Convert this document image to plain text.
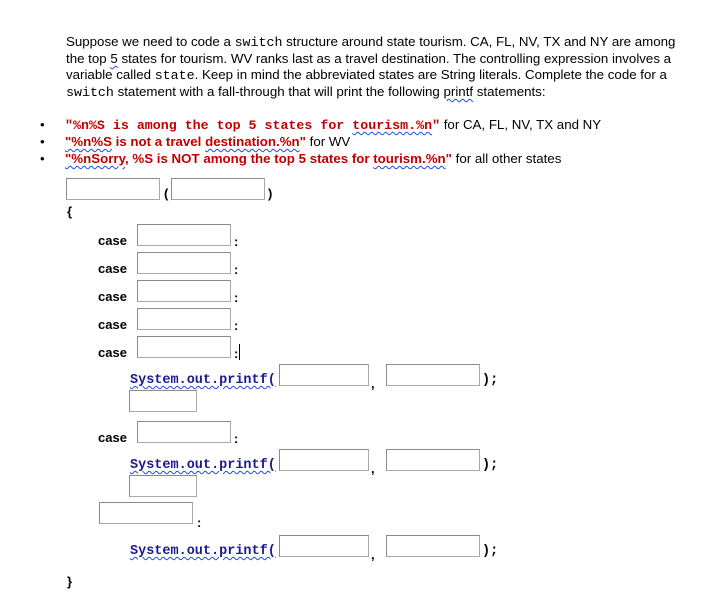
Suppose we need to code a switch structure around state tourism. CA, FL, NV, TX and NY are among the top 5 states for tourism. WV ranks last as a travel destination. The controlling expression involves a variable called state. Keep in mind the abbreviated states are String literals. Complete the code for a switch statement with a fall-through that will print the following printf statements:

•	"%n%S is among the top 5 states for tourism.%n" for CA, FL, NV, TX and NY
•	"%n%S is not a travel destination.%n" for WV
•	"%nSorry, %S is NOT among the top 5 states for tourism.%n" for all other states
(	)
{
case	:
case	:
case	:
case	:
case	:
System.out.printf(	,	);
case	:
System.out.printf(	,	);
:
System.out.printf(	,	);
}
